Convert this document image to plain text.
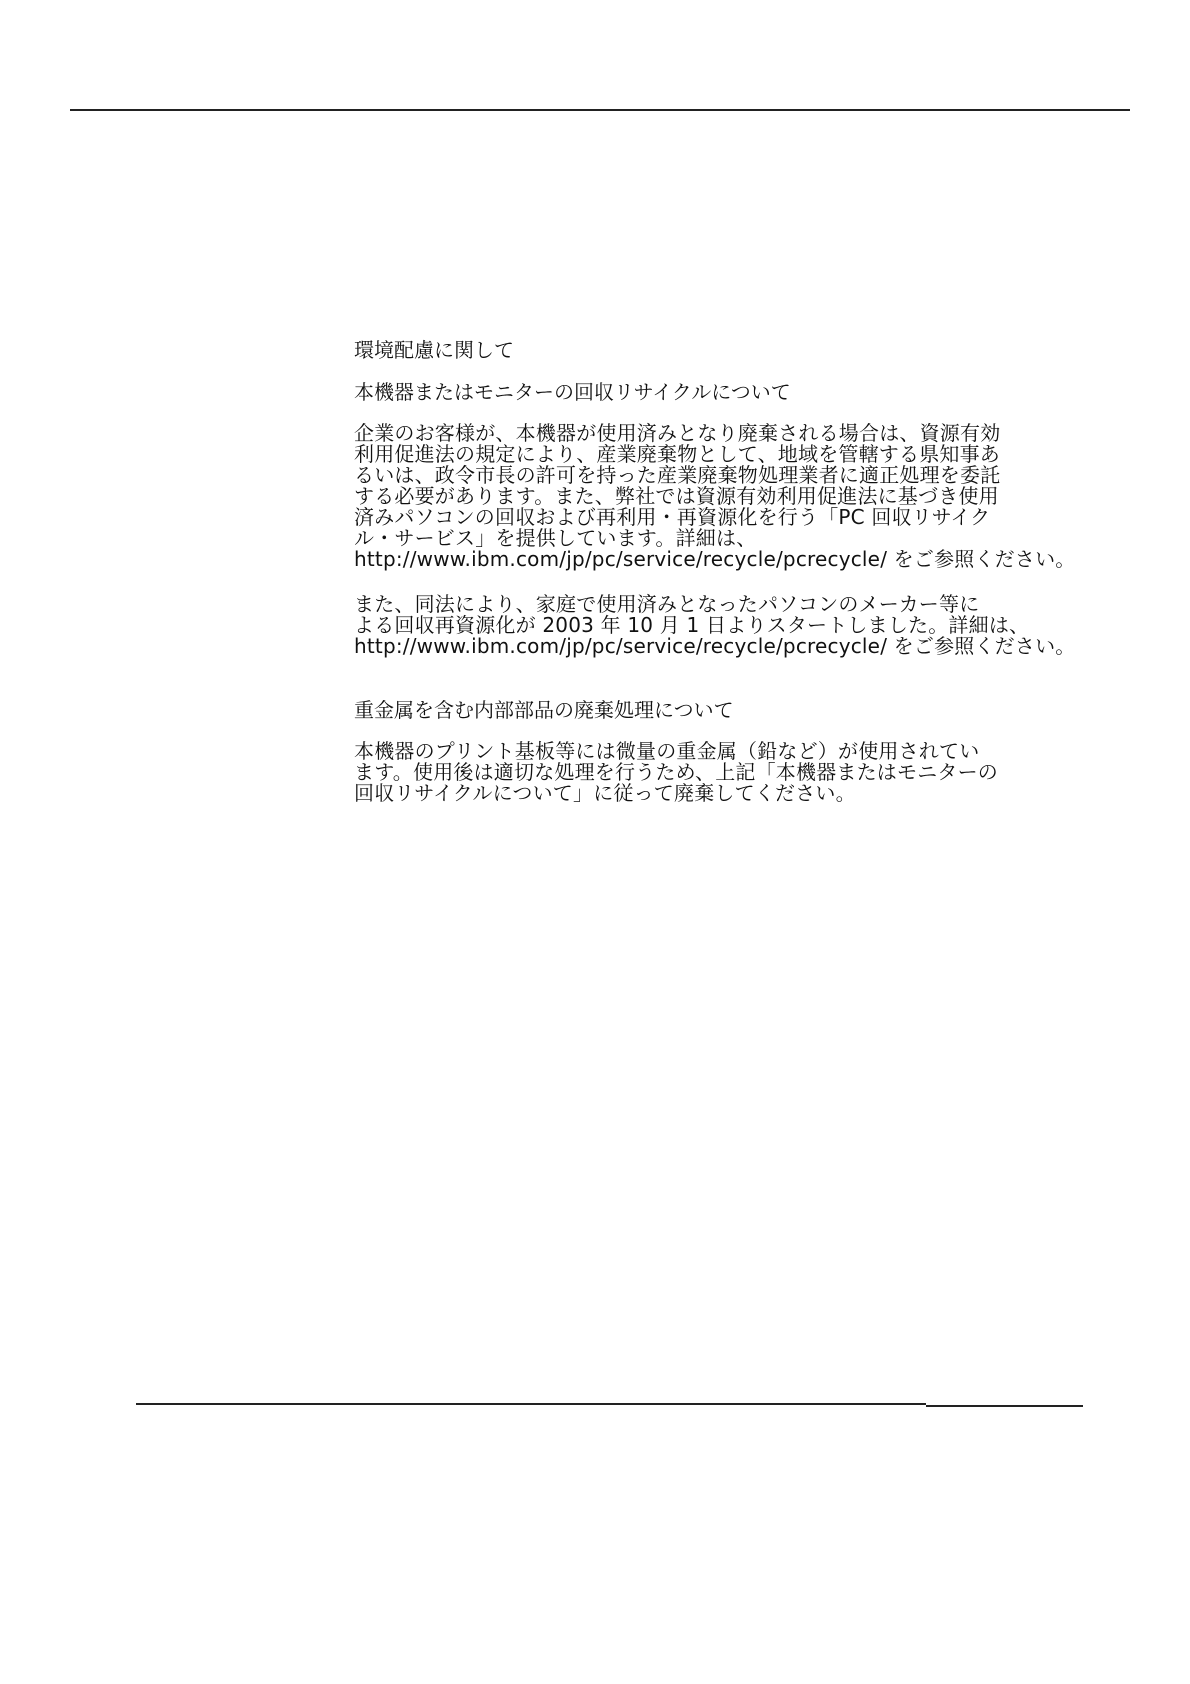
環境配慮に関して
本機器またはモニターの回収リサイクルについて

企業のお客様が、本機器が使用済みとなり廃棄される場合は、資源有効
利用促進法の規定により、産業廃棄物として、地域を管轄する県知事あ
るいは、政令市長の許可を持った産業廃棄物処理業者に適正処理を委託
する必要があります。また、弊社では資源有効利用促進法に基づき使用
済みパソコンの回収および再利用・再資源化を行う「PC 回収リサイク
ル・サービス」を提供しています。詳細は、
http://www.ibm.com/jp/pc/service/recycle/pcrecycle/ をご参照ください。

また、同法により、家庭で使用済みとなったパソコンのメーカー等に
よる回収再資源化が 2003 年 10 月 1 日よりスタートしました。詳細は、
http://www.ibm.com/jp/pc/service/recycle/pcrecycle/ をご参照ください。

重金属を含む内部部品の廃棄処理について

本機器のプリント基板等には微量の重金属（鉛など）が使用されてい
ます。使用後は適切な処理を行うため、上記「本機器またはモニターの
回収リサイクルについて」に従って廃棄してください。
